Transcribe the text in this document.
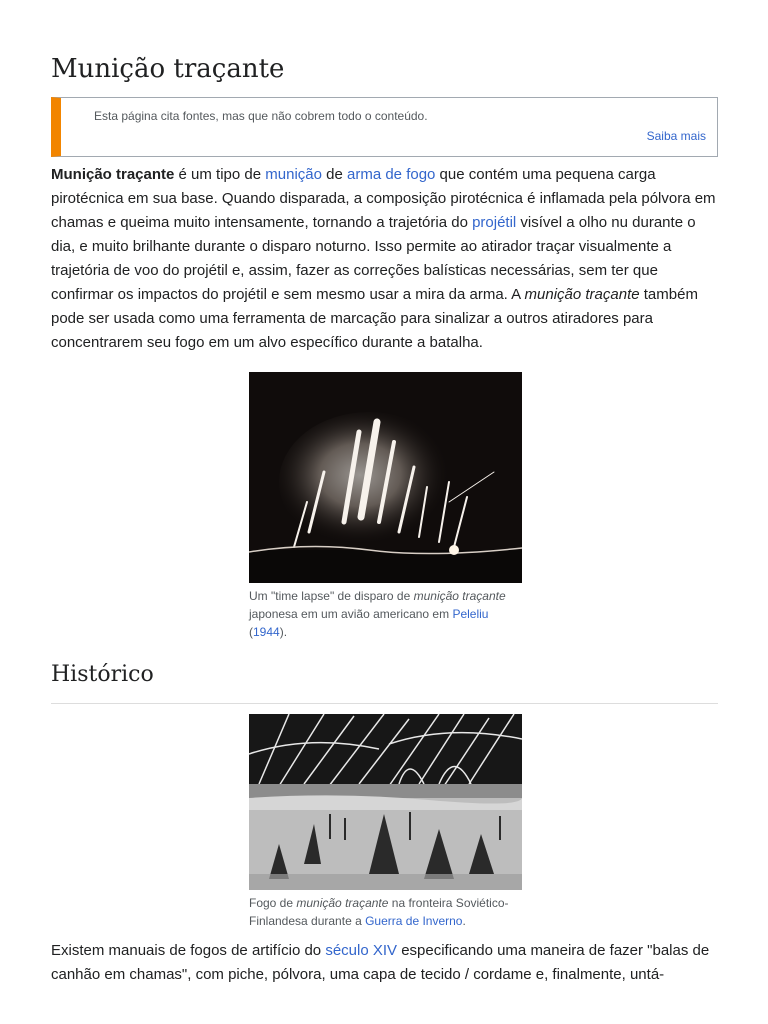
Munição traçante
Esta página cita fontes, mas que não cobrem todo o conteúdo.
Saiba mais

Munição traçante é um tipo de munição de arma de fogo que contém uma pequena carga pirotécnica em sua base. Quando disparada, a composição pirotécnica é inflamada pela pólvora em chamas e queima muito intensamente, tornando a trajetória do projétil visível a olho nu durante o dia, e muito brilhante durante o disparo noturno. Isso permite ao atirador traçar visualmente a trajetória de voo do projétil e, assim, fazer as correções balísticas necessárias, sem ter que confirmar os impactos do projétil e sem mesmo usar a mira da arma. A munição traçante também pode ser usada como uma ferramenta de marcação para sinalizar a outros atiradores para concentrarem seu fogo em um alvo específico durante a batalha.

Um "time lapse" de disparo de munição traçante japonesa em um avião americano em Peleliu
(1944).
Histórico
Fogo de munição traçante na fronteira Soviético-Finlandesa durante a Guerra de Inverno.

Existem manuais de fogos de artifício do século XIV especificando uma maneira de fazer "balas de canhão em chamas", com piche, pólvora, uma capa de tecido / cordame e, finalmente, untá-
